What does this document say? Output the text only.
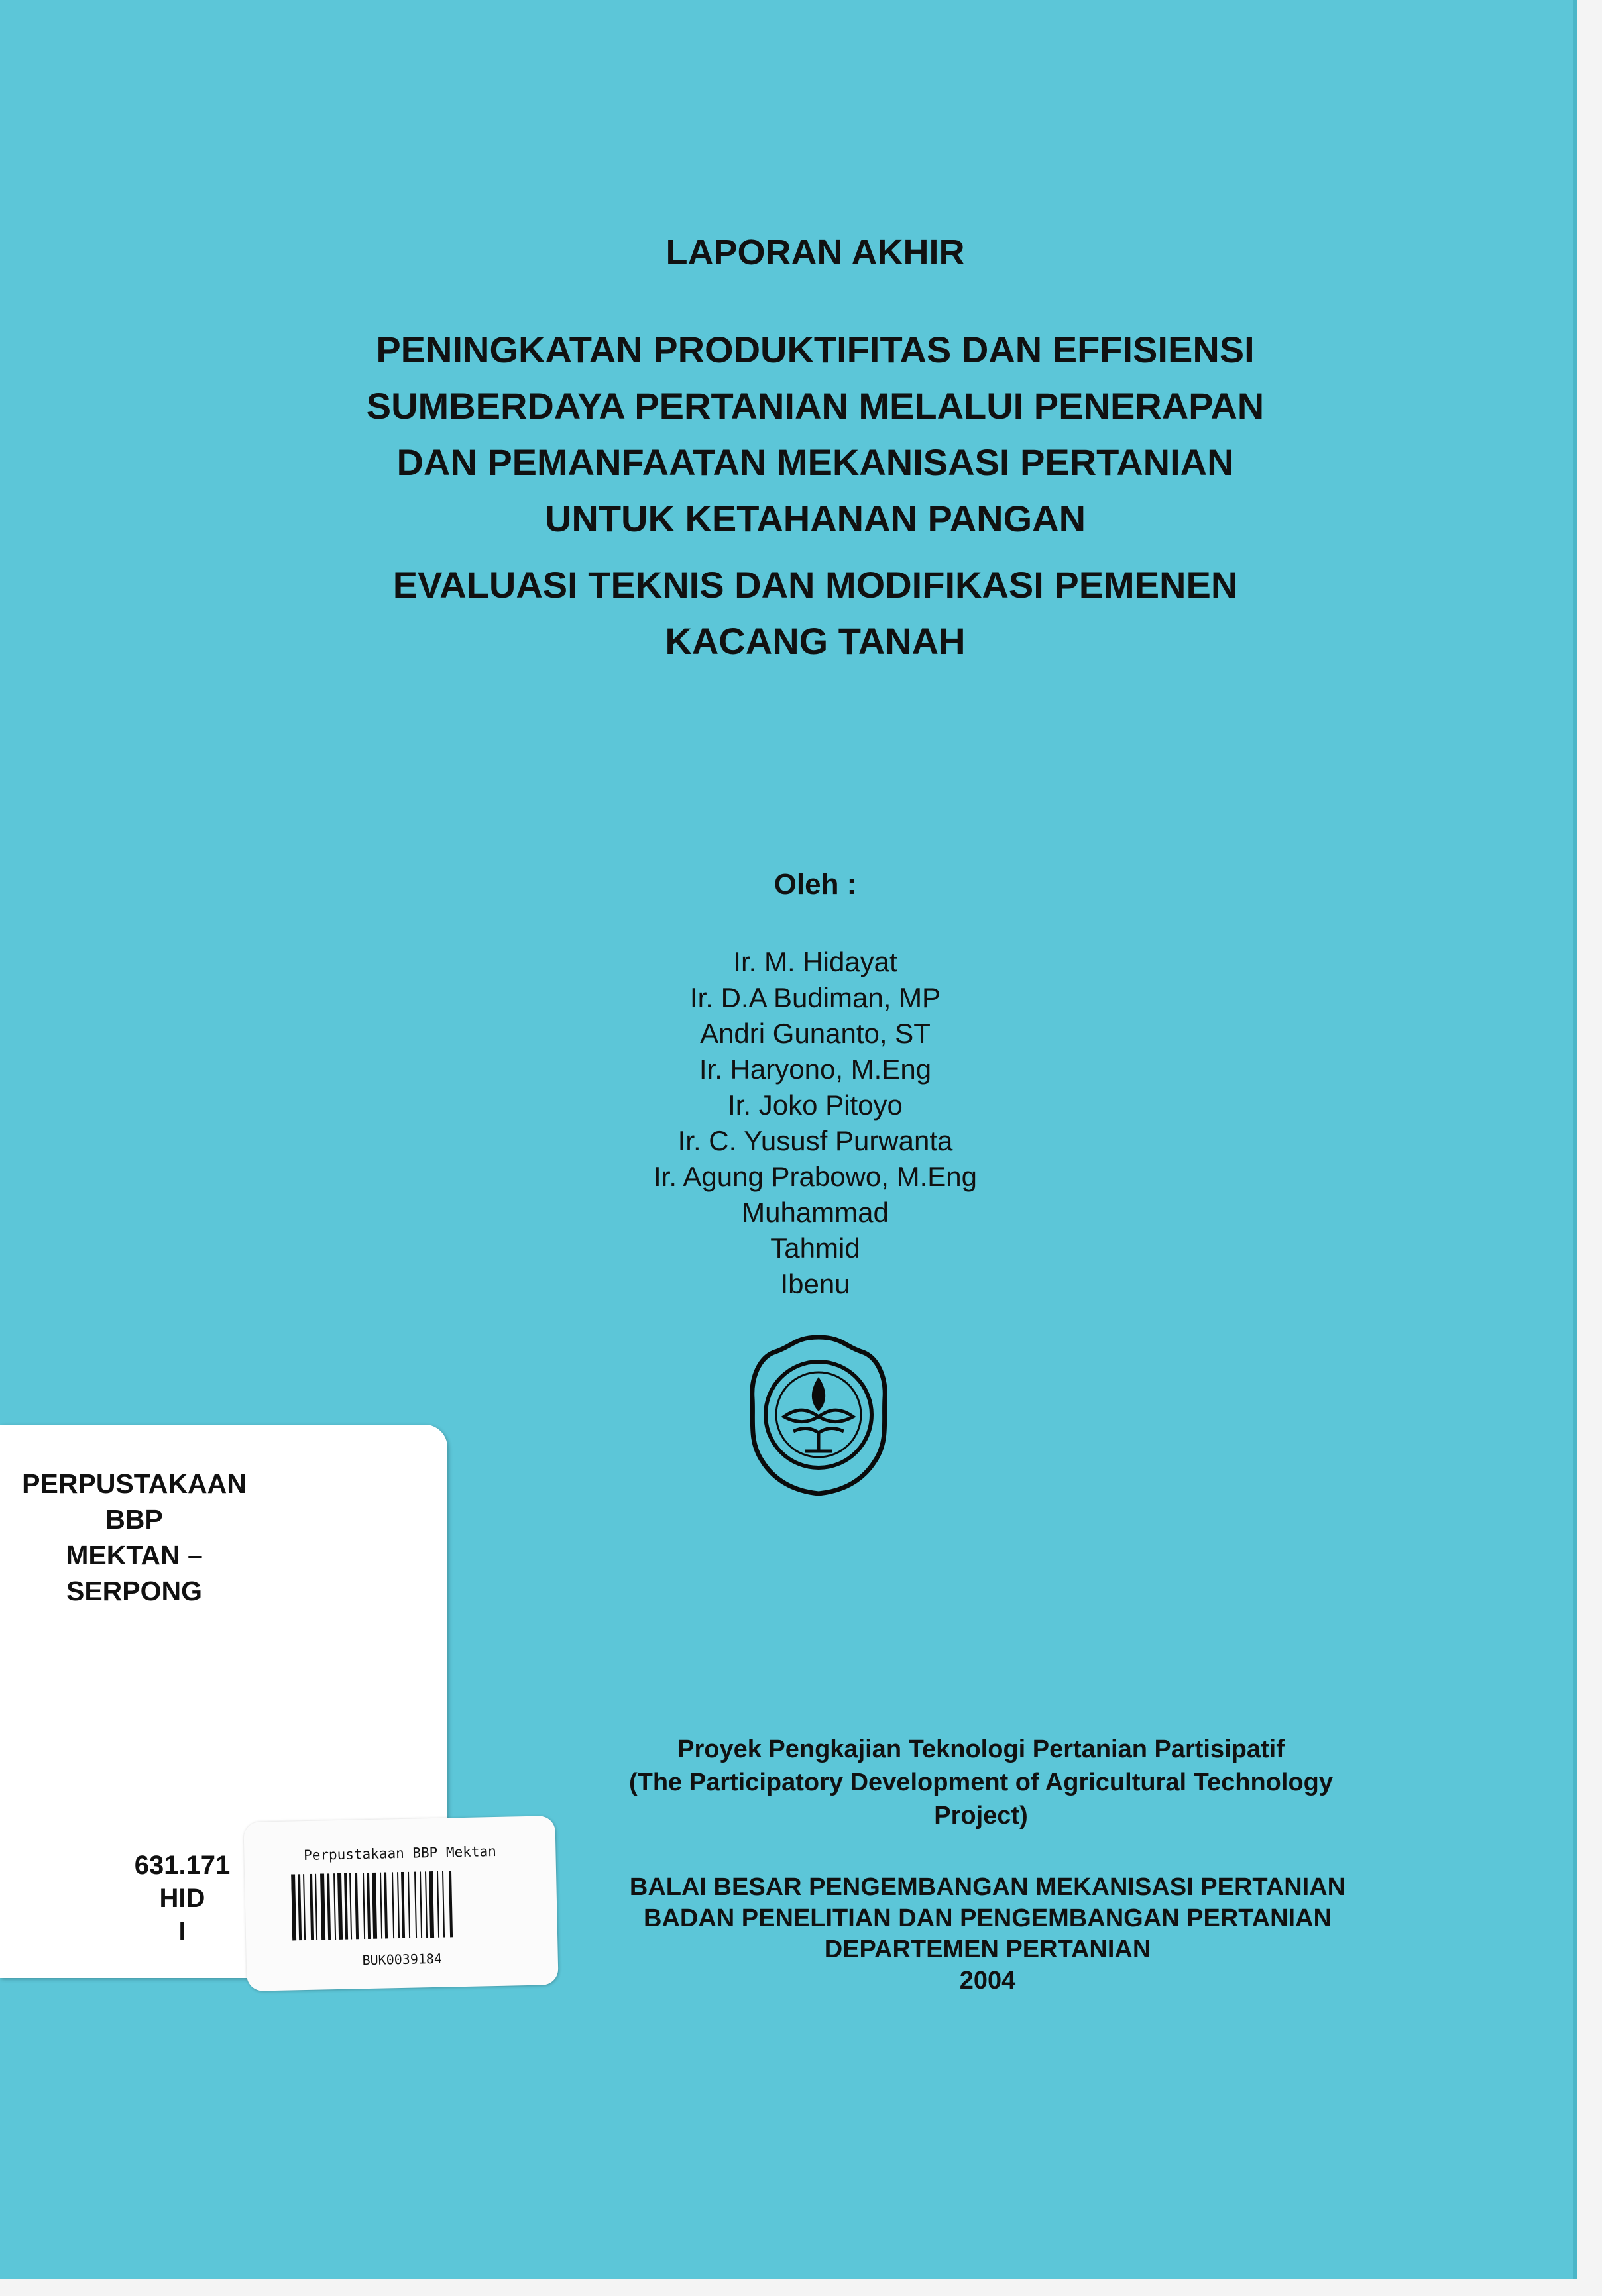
LAPORAN AKHIR
PENINGKATAN PRODUKTIFITAS DAN EFFISIENSI
SUMBERDAYA PERTANIAN MELALUI PENERAPAN
DAN PEMANFAATAN MEKANISASI PERTANIAN
UNTUK KETAHANAN PANGAN
EVALUASI TEKNIS DAN MODIFIKASI PEMENEN
KACANG TANAH
Oleh :
Ir. M. Hidayat
Ir. D.A Budiman, MP
Andri Gunanto, ST
Ir. Haryono, M.Eng
Ir. Joko Pitoyo
Ir. C. Yususf Purwanta
Ir. Agung Prabowo, M.Eng
Muhammad
Tahmid
Ibenu
Proyek Pengkajian Teknologi Pertanian Partisipatif
(The Participatory Development of Agricultural Technology
Project)
BALAI BESAR PENGEMBANGAN MEKANISASI PERTANIAN
BADAN PENELITIAN DAN PENGEMBANGAN PERTANIAN
DEPARTEMEN PERTANIAN
2004
PERPUSTAKAAN BBP
MEKTAN – SERPONG
631.171
HID
I
Perpustakaan BBP Mektan
BUK0039184
